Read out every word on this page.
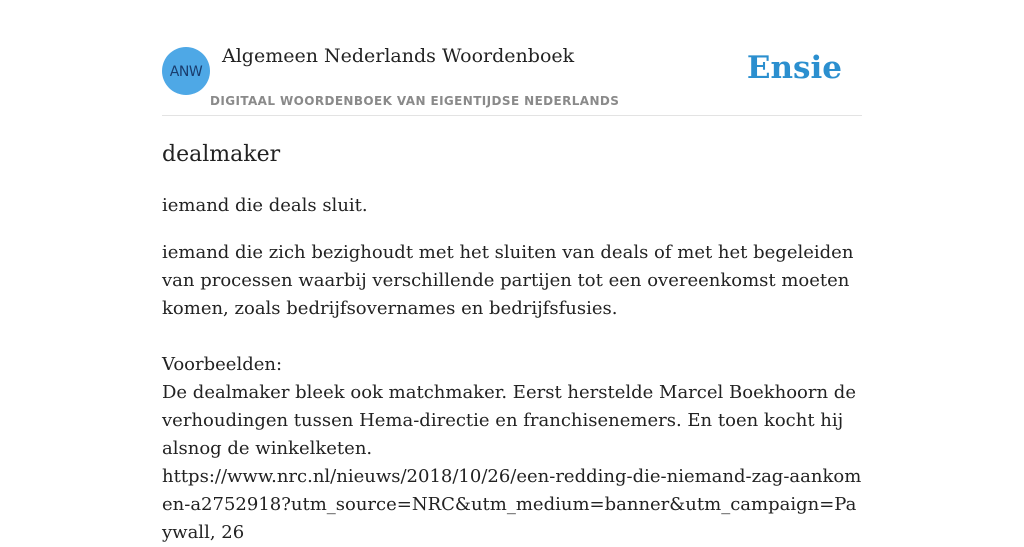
ANW
Algemeen Nederlands Woordenboek
DIGITAAL WOORDENBOEK VAN EIGENTIJDSE NEDERLANDS
Ensie
dealmaker

iemand die deals sluit.

iemand die zich bezighoudt met het sluiten van deals of met het begeleiden van processen waarbij verschillende partijen tot een overeenkomst moeten komen, zoals bedrijfsovernames en bedrijfsfusies.

Voorbeelden:

De dealmaker bleek ook matchmaker. Eerst herstelde Marcel Boekhoorn de verhoudingen tussen Hema-directie en franchisenemers. En toen kocht hij alsnog de winkelketen.

https://www.nrc.nl/nieuws/2018/10/26/een-redding-die-niemand-zag-aankomen-a2752918?utm_source=NRC&utm_medium=banner&utm_campaign=Paywall, 26
